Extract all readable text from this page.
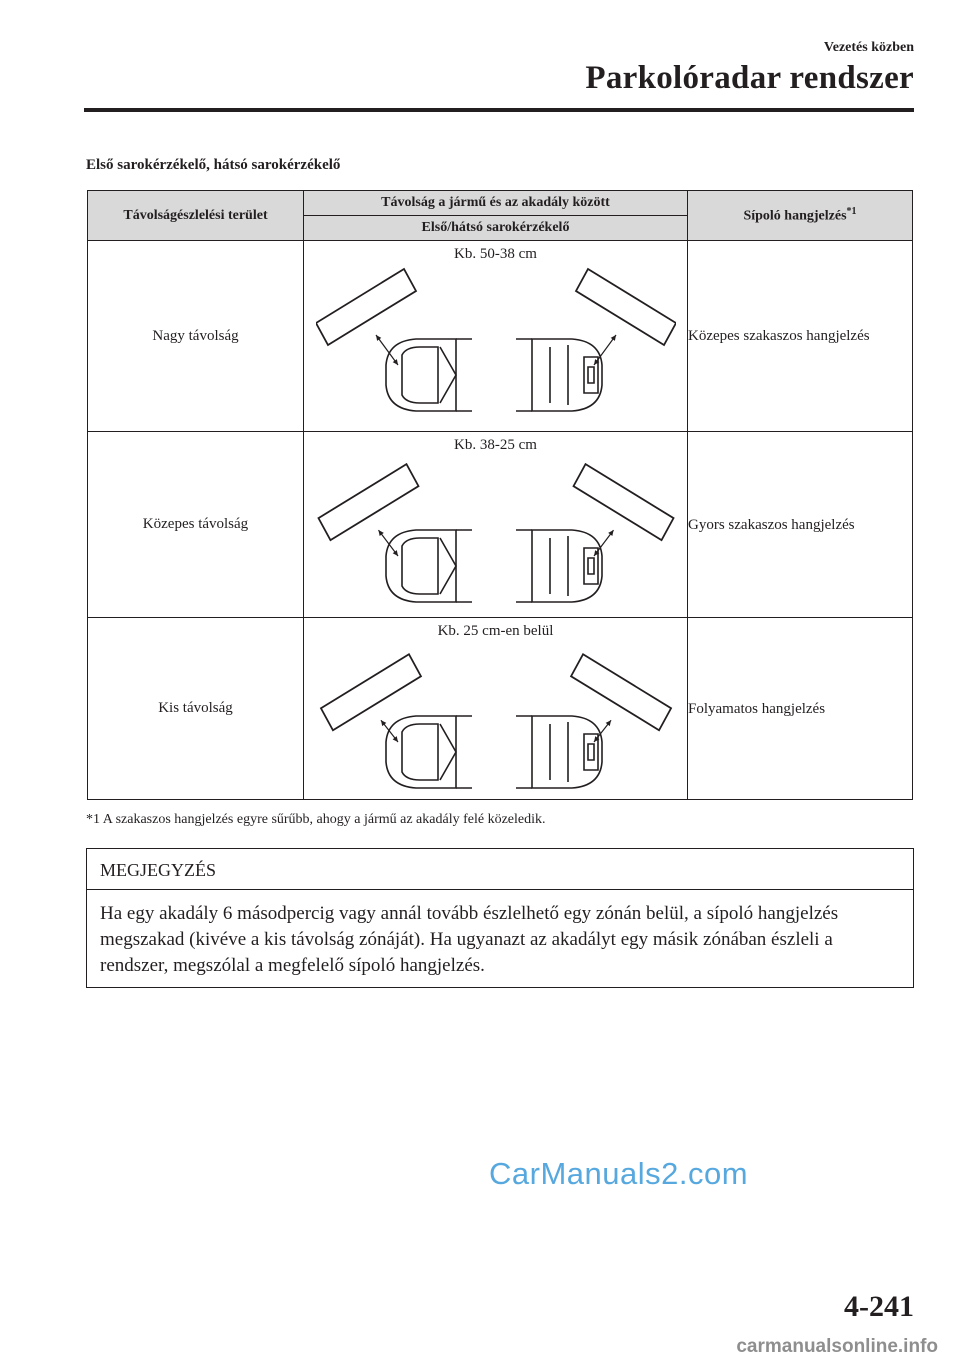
Vezetés közben
Parkolóradar rendszer
Első sarokérzékelő, hátsó sarokérzékelő
Távolságészlelési terület	Távolság a jármű és az akadály között	Sípoló hangjelzés$^{*1}$
	Első/hátsó sarokérzékelő	
Nagy távolság	Kb. 50-38 cm	Közepes szakaszos hangjelzés
Közepes távolság	Kb. 38-25 cm	Gyors szakaszos hangjelzés
Kis távolság	Kb. 25 cm-en belül	Folyamatos hangjelzés
*1 A szakaszos hangjelzés egyre sűrűbb, ahogy a jármű az akadály felé közeledik.
MEGJEGYZÉS
Ha egy akadály 6 másodpercig vagy annál tovább észlelhető egy zónán belül, a sípoló hangjelzés megszakad (kivéve a kis távolság zónáját). Ha ugyanazt az akadályt egy másik zónában észleli a rendszer, megszólal a megfelelő sípoló hangjelzés.
CarManuals2.com
4-241
carmanualsonline.info
